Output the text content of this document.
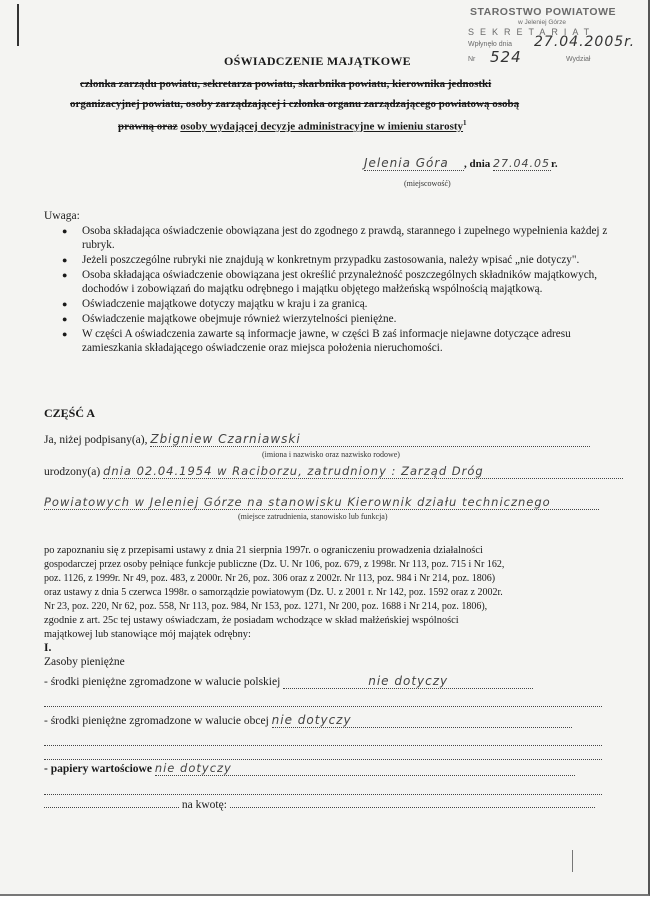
STAROSTWO POWIATOWE
w Jeleniej Górze
SEKRETARIAT
Wpłynęło dnia 27.04.2005r.
Nr 524	Wydział
OŚWIADCZENIE MAJĄTKOWE
członka zarządu powiatu, sekretarza powiatu, skarbnika powiatu, kierownika jednostki
organizacyjnej powiatu, osoby zarządzającej i członka organu zarządzającego powiatową osobą
prawną oraz osoby wydającej decyzje administracyjne w imieniu starosty$^1$
Jelenia Góra , dnia 27.04.05r.
(miejscowość)
Uwaga:
● Osoba składająca oświadczenie obowiązana jest do zgodnego z prawdą, starannego i zupełnego wypełnienia każdej z rubryk.
● Jeżeli poszczególne rubryki nie znajdują w konkretnym przypadku zastosowania, należy wpisać „nie dotyczy".
● Osoba składająca oświadczenie obowiązana jest określić przynależność poszczególnych składników majątkowych, dochodów i zobowiązań do majątku odrębnego i majątku objętego małżeńską wspólnością majątkową.
● Oświadczenie majątkowe dotyczy majątku w kraju i za granicą.
● Oświadczenie majątkowe obejmuje również wierzytelności pieniężne.
● W części A oświadczenia zawarte są informacje jawne, w części B zaś informacje niejawne dotyczące adresu zamieszkania składającego oświadczenie oraz miejsca położenia nieruchomości.
CZĘŚĆ A
Ja, niżej podpisany(a), Zbigniew Czarniawski
(imiona i nazwisko oraz nazwisko rodowe)
urodzony(a) dnia 02.04.1954 w Raciborzu, zatrudniony : Zarząd Dróg
Powiatowych w Jeleniej Górze na stanowisku Kierownik działu technicznego
(miejsce zatrudnienia, stanowisko lub funkcja)
po zapoznaniu się z przepisami ustawy z dnia 21 sierpnia 1997r. o ograniczeniu prowadzenia działalności
gospodarczej przez osoby pełniące funkcje publiczne (Dz. U. Nr 106, poz. 679, z 1998r. Nr 113, poz. 715 i Nr 162,
poz. 1126, z 1999r. Nr 49, poz. 483, z 2000r. Nr 26, poz. 306 oraz z 2002r. Nr 113, poz. 984 i Nr 214, poz. 1806)
oraz ustawy z dnia 5 czerwca 1998r. o samorządzie powiatowym (Dz. U. z 2001 r. Nr 142, poz. 1592 oraz z 2002r.
Nr 23, poz. 220, Nr 62, poz. 558, Nr 113, poz. 984, Nr 153, poz. 1271, Nr 200, poz. 1688 i Nr 214, poz. 1806),
zgodnie z art. 25c tej ustawy oświadczam, że posiadam wchodzące w skład małżeńskiej wspólności
majątkowej lub stanowiące mój majątek odrębny:
I.
Zasoby pieniężne
- środki pieniężne zgromadzone w walucie polskiej	nie dotyczy
- środki pieniężne zgromadzone w walucie obcej nie dotyczy
- papiery wartościowe nie dotyczy
na kwotę:
